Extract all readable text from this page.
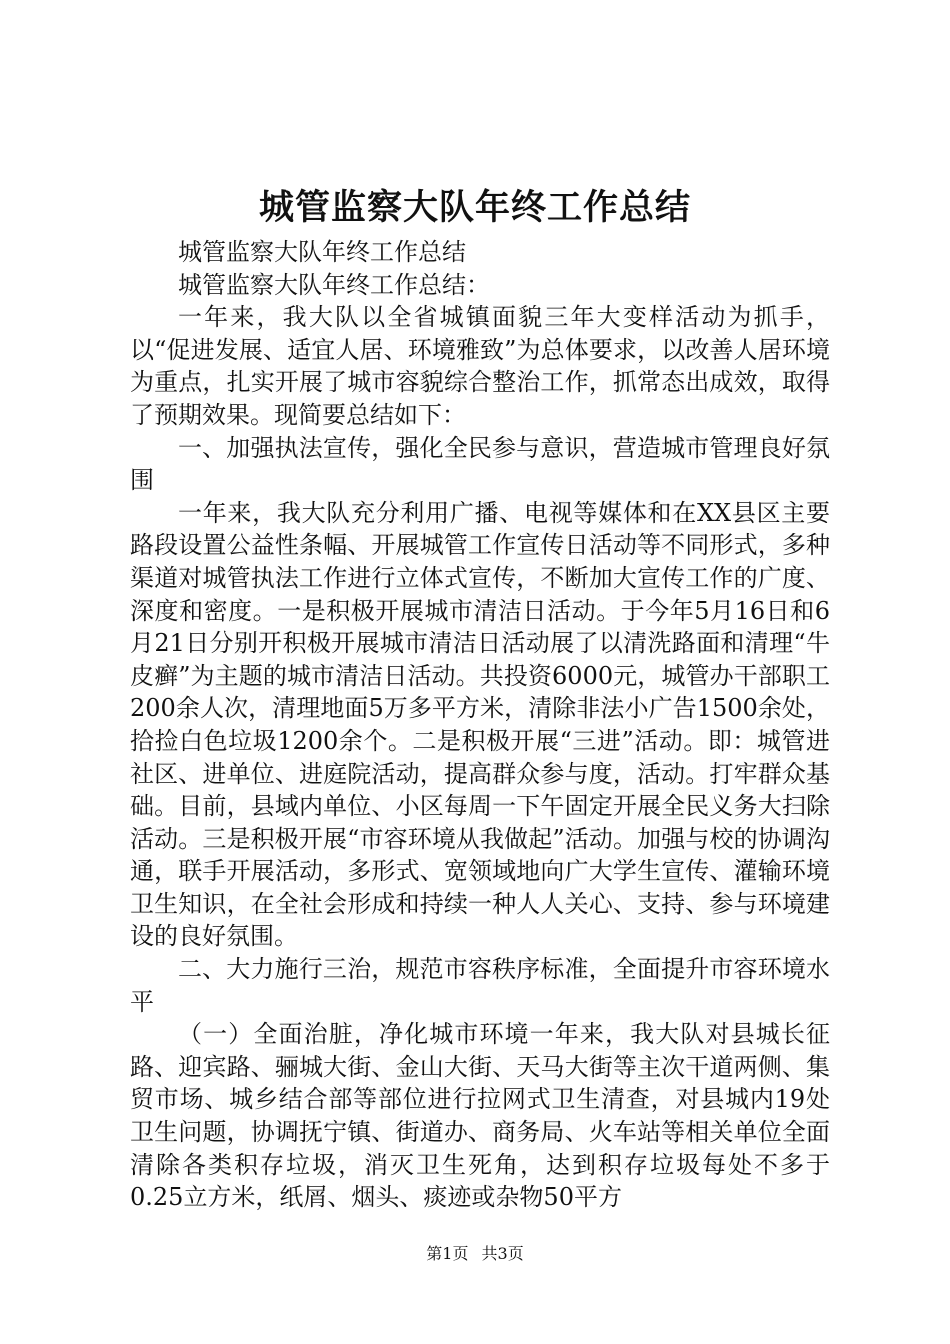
城管监察大队年终工作总结

城管监察大队年终工作总结

城管监察大队年终工作总结：

一年来，我大队以全省城镇面貌三年大变样活动为抓手，以“促进发展、适宜人居、环境雅致”为总体要求，以改善人居环境为重点，扎实开展了城市容貌综合整治工作，抓常态出成效，取得了预期效果。现简要总结如下：

一、加强执法宣传，强化全民参与意识，营造城市管理良好氛围

一年来，我大队充分利用广播、电视等媒体和在XX县区主要路段设置公益性条幅、开展城管工作宣传日活动等不同形式，多种渠道对城管执法工作进行立体式宣传，不断加大宣传工作的广度、深度和密度。一是积极开展城市清洁日活动。于今年5月16日和6月21日分别开积极开展城市清洁日活动展了以清洗路面和清理“牛皮癣”为主题的城市清洁日活动。共投资6000元，城管办干部职工200余人次，清理地面5万多平方米，清除非法小广告1500余处，拾捡白色垃圾1200余个。二是积极开展“三进”活动。即：城管进社区、进单位、进庭院活动，提高群众参与度，活动。打牢群众基础。目前，县域内单位、小区每周一下午固定开展全民义务大扫除活动。三是积极开展“市容环境从我做起”活动。加强与校的协调沟通，联手开展活动，多形式、宽领域地向广大学生宣传、灌输环境卫生知识，在全社会形成和持续一种人人关心、支持、参与环境建设的良好氛围。

二、大力施行三治，规范市容秩序标准，全面提升市容环境水平

（一）全面治脏，净化城市环境一年来，我大队对县城长征路、迎宾路、骊城大街、金山大街、天马大街等主次干道两侧、集贸市场、城乡结合部等部位进行拉网式卫生清查，对县城内19处卫生问题，协调抚宁镇、街道办、商务局、火车站等相关单位全面清除各类积存垃圾，消灭卫生死角，达到积存垃圾每处不多于0.25立方米，纸屑、烟头、痰迹或杂物50平方

第1页 共3页
